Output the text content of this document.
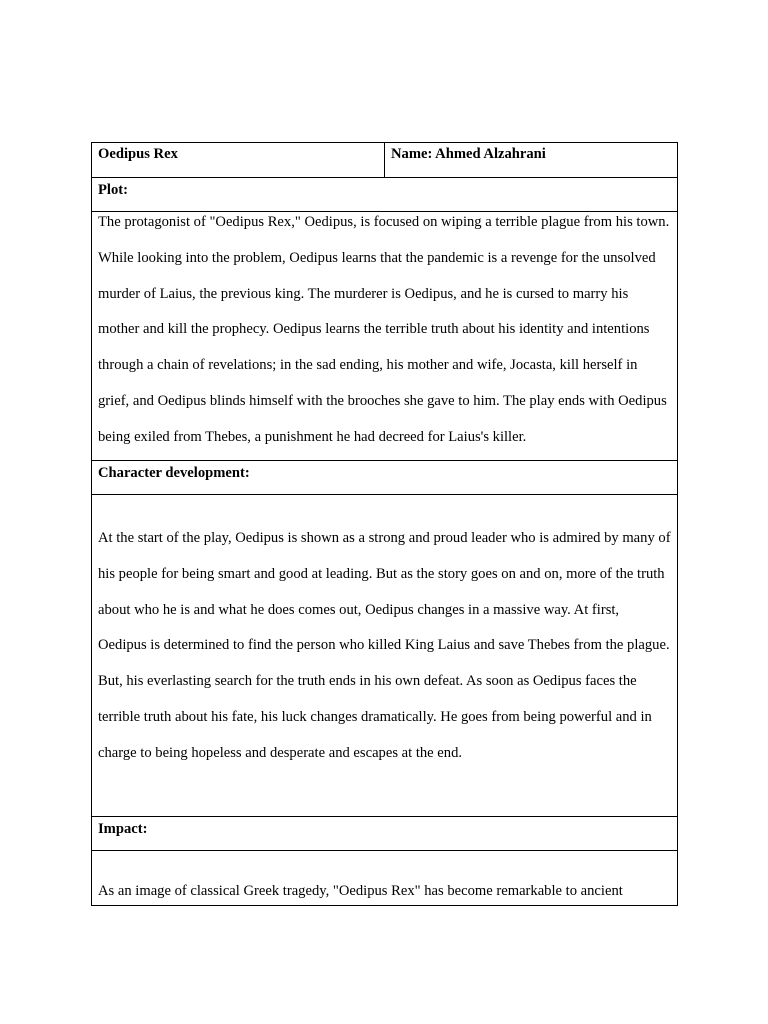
Oedipus Rex	Name: Ahmed Alzahrani
Plot:

The protagonist of "Oedipus Rex," Oedipus, is focused on wiping a terrible plague from his town. While looking into the problem, Oedipus learns that the pandemic is a revenge for the unsolved murder of Laius, the previous king. The murderer is Oedipus, and he is cursed to marry his mother and kill the prophecy. Oedipus learns the terrible truth about his identity and intentions through a chain of revelations; in the sad ending, his mother and wife, Jocasta, kill herself in grief, and Oedipus blinds himself with the brooches she gave to him. The play ends with Oedipus being exiled from Thebes, a punishment he had decreed for Laius's killer.

Character development:

At the start of the play, Oedipus is shown as a strong and proud leader who is admired by many of his people for being smart and good at leading. But as the story goes on and on, more of the truth about who he is and what he does comes out, Oedipus changes in a massive way. At first, Oedipus is determined to find the person who killed King Laius and save Thebes from the plague. But, his everlasting search for the truth ends in his own defeat. As soon as Oedipus faces the terrible truth about his fate, his luck changes dramatically. He goes from being powerful and in charge to being hopeless and desperate and escapes at the end.

Impact:

As an image of classical Greek tragedy, "Oedipus Rex" has become remarkable to ancient
